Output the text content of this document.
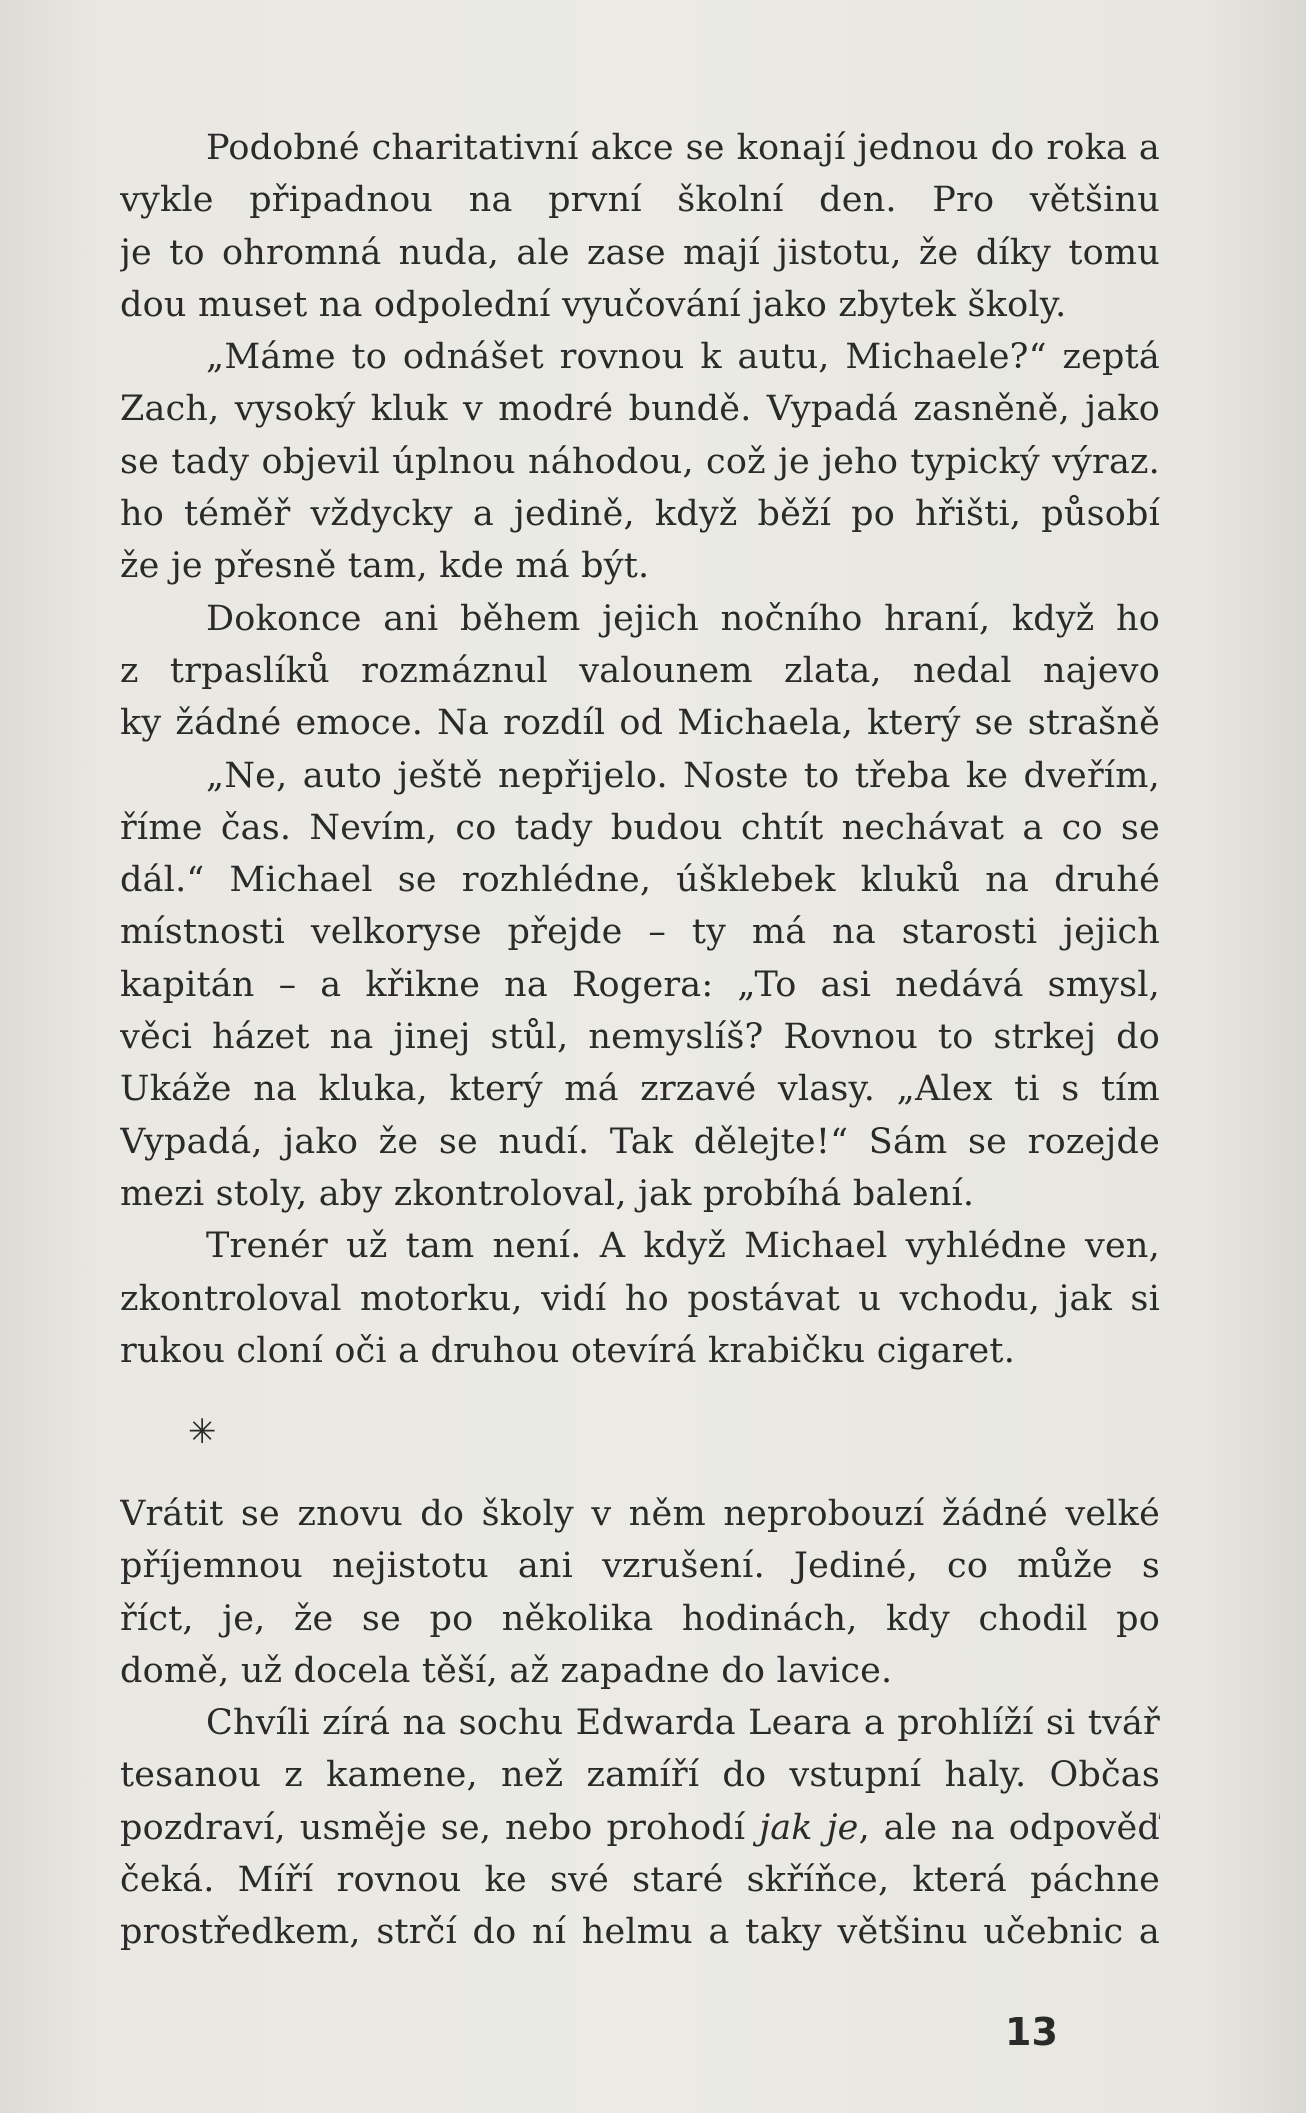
Podobné charitativní akce se konají jednou do roka a
vykle připadnou na první školní den. Pro většinu
je to ohromná nuda, ale zase mají jistotu, že díky tomu
dou muset na odpolední vyučování jako zbytek školy.
„Máme to odnášet rovnou k autu, Michaele?“ zeptá
Zach, vysoký kluk v modré bundě. Vypadá zasněně, jako
se tady objevil úplnou náhodou, což je jeho typický výraz.
ho téměř vždycky a jedině, když běží po hřišti, působí
že je přesně tam, kde má být.
Dokonce ani během jejich nočního hraní, když ho
z trpaslíků rozmáznul valounem zlata, nedal najevo
ky žádné emoce. Na rozdíl od Michaela, který se strašně
„Ne, auto ještě nepřijelo. Noste to třeba ke dveřím,
říme čas. Nevím, co tady budou chtít nechávat a co se
dál.“ Michael se rozhlédne, úšklebek kluků na druhé
místnosti velkoryse přejde – ty má na starosti jejich
kapitán – a křikne na Rogera: „To asi nedává smysl,
věci házet na jinej stůl, nemyslíš? Rovnou to strkej do
Ukáže na kluka, který má zrzavé vlasy. „Alex ti s tím
Vypadá, jako že se nudí. Tak dělejte!“ Sám se rozejde
mezi stoly, aby zkontroloval, jak probíhá balení.
Trenér už tam není. A když Michael vyhlédne ven,
zkontroloval motorku, vidí ho postávat u vchodu, jak si
rukou cloní oči a druhou otevírá krabičku cigaret.
✳
Vrátit se znovu do školy v něm neprobouzí žádné velké
příjemnou nejistotu ani vzrušení. Jediné, co může s
říct, je, že se po několika hodinách, kdy chodil po
domě, už docela těší, až zapadne do lavice.
Chvíli zírá na sochu Edwarda Leara a prohlíží si tvář
tesanou z kamene, než zamíří do vstupní haly. Občas
pozdraví, usměje se, nebo prohodí jak je, ale na odpověď
čeká. Míří rovnou ke své staré skříňce, která páchne
prostředkem, strčí do ní helmu a taky většinu učebnic a
13
